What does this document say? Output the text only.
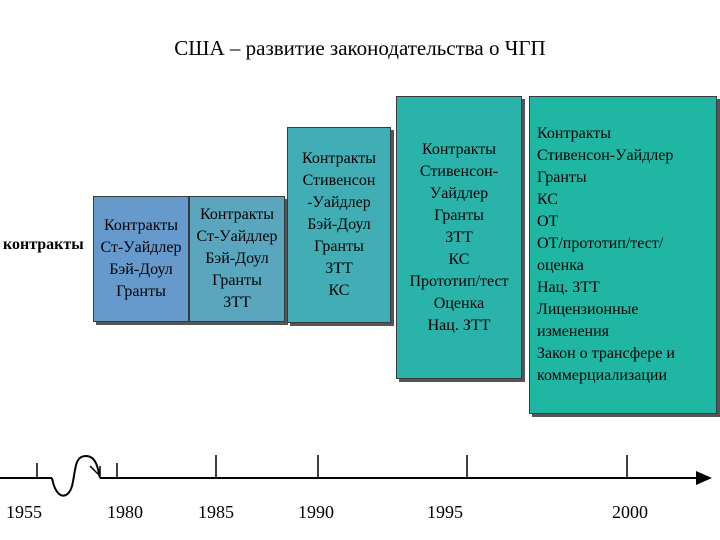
США – развитие законодательства о ЧГП
Контракты
Ст-Уайдлер
Бэй-Доул
Гранты
Контракты
Ст-Уайдлер
Бэй-Доул
Гранты
ЗТТ
Контракты
Стивенсон
-Уайдлер
Бэй-Доул
Гранты
ЗТТ
КС
Контракты
Стивенсон-
Уайдлер
Гранты
ЗТТ
КС
Прототип/тест
Оценка
Нац. ЗТТ
Контракты
Стивенсон-Уайдлер
Гранты
КС
ОТ
ОТ/прототип/тест/
оценка
Нац. ЗТТ
Лицензионные
изменения
Закон о трансфере и
коммерциализации
контракты
1955	1980	1985	1990	1995	2000
